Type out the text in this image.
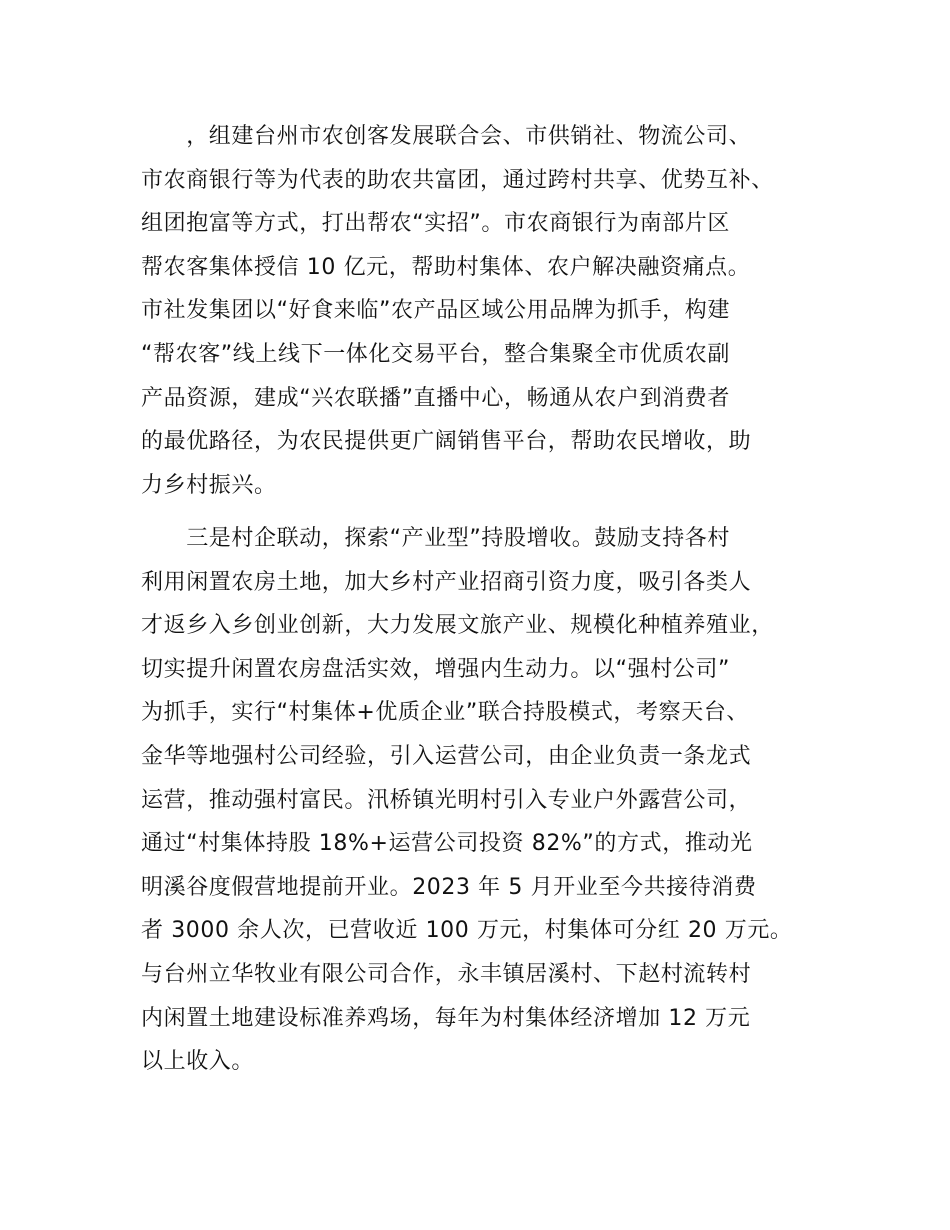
　　，组建台州市农创客发展联合会、市供销社、物流公司、
市农商银行等为代表的助农共富团，通过跨村共享、优势互补、
组团抱富等方式，打出帮农“实招”。市农商银行为南部片区
帮农客集体授信 10 亿元，帮助村集体、农户解决融资痛点。
市社发集团以“好食来临”农产品区域公用品牌为抓手，构建
“帮农客”线上线下一体化交易平台，整合集聚全市优质农副
产品资源，建成“兴农联播”直播中心，畅通从农户到消费者
的最优路径，为农民提供更广阔销售平台，帮助农民增收，助
力乡村振兴。
　　三是村企联动，探索“产业型”持股增收。鼓励支持各村
利用闲置农房土地，加大乡村产业招商引资力度，吸引各类人
才返乡入乡创业创新，大力发展文旅产业、规模化种植养殖业，
切实提升闲置农房盘活实效，增强内生动力。以“强村公司”
为抓手，实行“村集体+优质企业”联合持股模式，考察天台、
金华等地强村公司经验，引入运营公司，由企业负责一条龙式
运营，推动强村富民。汛桥镇光明村引入专业户外露营公司，
通过“村集体持股 18%+运营公司投资 82%”的方式，推动光
明溪谷度假营地提前开业。2023 年 5 月开业至今共接待消费
者 3000 余人次，已营收近 100 万元，村集体可分红 20 万元。
与台州立华牧业有限公司合作，永丰镇居溪村、下赵村流转村
内闲置土地建设标准养鸡场，每年为村集体经济增加 12 万元
以上收入。
